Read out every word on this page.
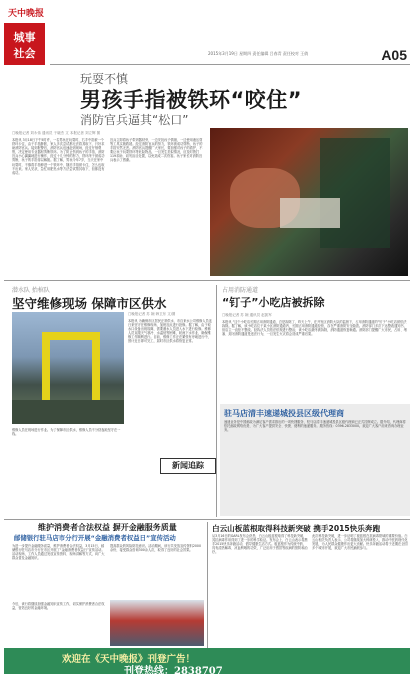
天中晚报
城事
社会	2015年3月19日 星期四 责任编辑 吕春青 责任校对 王倩	A05
玩耍不慎
男孩手指被铁环“咬住”
消防官兵逼其“松口”
□晚报记者 刘永伟 通讯员 于晓杰 文 本报记者 刘立辉 图
本报讯 3月18日下午5时许，一名男孩在玩耍时，右手中指被一个铁环卡住，由于手指肿胀，家人多次尝试都无法将其取下，只好求助消防官兵。接到报警后，消防官兵迅速赶到现场，经过仔细观察，决定使用专业器材剪断铁环。为了防止伤到孩子的手指，消防官兵小心翼翼地进行操作，经过十几分钟的努力，铁环终于被成功剪断，孩子的手指得以解脱。据了解，男孩今年7岁，当天在家中玩耍时，不慎将手指伸进一个铁环中，随后手指被卡住，怎么也取不出来。家人见状，急忙用肥皂水等方法尝试帮其取下，但都没有成功。
官兵立即将孩子带到器材旁，一边安抚孩子情绪，一边使用液压剪等工具实施救援。经过消防官兵的努力，铁环被成功剪断，孩子的手指安然无恙。消防官兵提醒广大家长，要加强对孩子的看护，不要让孩子玩耍铁环等危险物品，一旦发生类似情况，应及时拨打119求助，切勿盲目处置，以免造成二次伤害。孩子家长对消防官兵表示了感谢。
潜水队 抬棺队
坚守维修现场 保障市区供水
□晚报记者 苏 婉 韩卫东 文/图
本报讯 为确保市区居民正常供水，市自来水公司维修人员连日来坚守在维修现场，加班加点进行抢修。据了解，由于取水口设备出现故障，需要潜水人员进入水下进行检修。维修人员克服天气寒冷、水温低等困难，轮流下水作业，确保维修工作顺利进行。目前，维修工作正在紧张有序地进行中，预计近日即可完工，届时市区供水将恢复正常。
维修人员在现场进行作业。为了保障市区供水，维修人员不分昼夜地坚守在一线。
新闻追踪
占用消防通道
“钉子”小吃店被拆除
□晚报记者 苏 婉 通讯员 赵凯军
本报讯 “这个小吃店长期占用消防通道，总是拆除了，昨天上午，在开发区消防大队的监督下，占用消防通道的“钉子”小吃店被依法拆除。据了解，该小吃店位于某小区消防通道内，长期占用消防通道经营，存在严重消防安全隐患。消防部门多次下达整改通知书，但店主一直拒不整改。经执法人员依法依规进行整治，该小吃店最终被拆除，消防通道恢复畅通。消防部门提醒广大市民，占用、堵塞、封闭消防通道是违法行为，一旦发生火灾将会造成严重后果。
驻马店清丰速递城投县区级代理商
速递业务是中国邮政为满足客户需求推出的一项快捷服务，驻马店清丰速递城投县区级代理商已正式挂牌成立。据介绍，代理商将依托邮政网络优势，为广大客户提供安全、快捷、便利的速递服务。服务热线：0396-2833000。欢迎广大客户前来咨询办理业务。
维护消费者合法权益 摒开金融服务质量
邮储银行驻马店市分行开展“金融消费者权益日”宣传活动
为进一步提升金融服务质量，维护消费者合法权益，3月15日，邮储银行驻马店市分行在市区开展了“金融消费者权益日”宣传活动。活动现场，工作人员通过发放宣传资料、现场讲解等方式，向广大群众普及金融知识。
提高群众的风险防范意识。活动期间，该行共发放宣传资料2000余份，接受群众咨询300余人次，取得了良好的社会效果。
今后，该行将继续加强金融知识宣传工作，切实保护消费者合法权益，营造良好的金融环境。
白云山板蓝根取得科技新突破 携手2015快乐奔跑
从3月16日的GARL发布会获悉，白云山板蓝根取得了科技新突破，其抗病毒作用得到了进一步的科学验证。发布会上，白云山表示将携手2015快乐奔跑活动，倡导健康生活方式。板蓝根作为传统中药，具有清热解毒、凉血利咽的功效，广泛应用于感冒等疾病的预防和治疗。
此次科技新突破，进一步证明了板蓝根在抗病毒领域的重要价值。白云山相关负责人表示，公司将继续加大科研投入，推动中医药现代化发展，为人民群众健康作出更大贡献。快乐奔跑活动将于近期在全国多个城市开展，欢迎广大市民踊跃参与。
欢迎在《天中晚报》刊登广告！
刊登热线：2838707
